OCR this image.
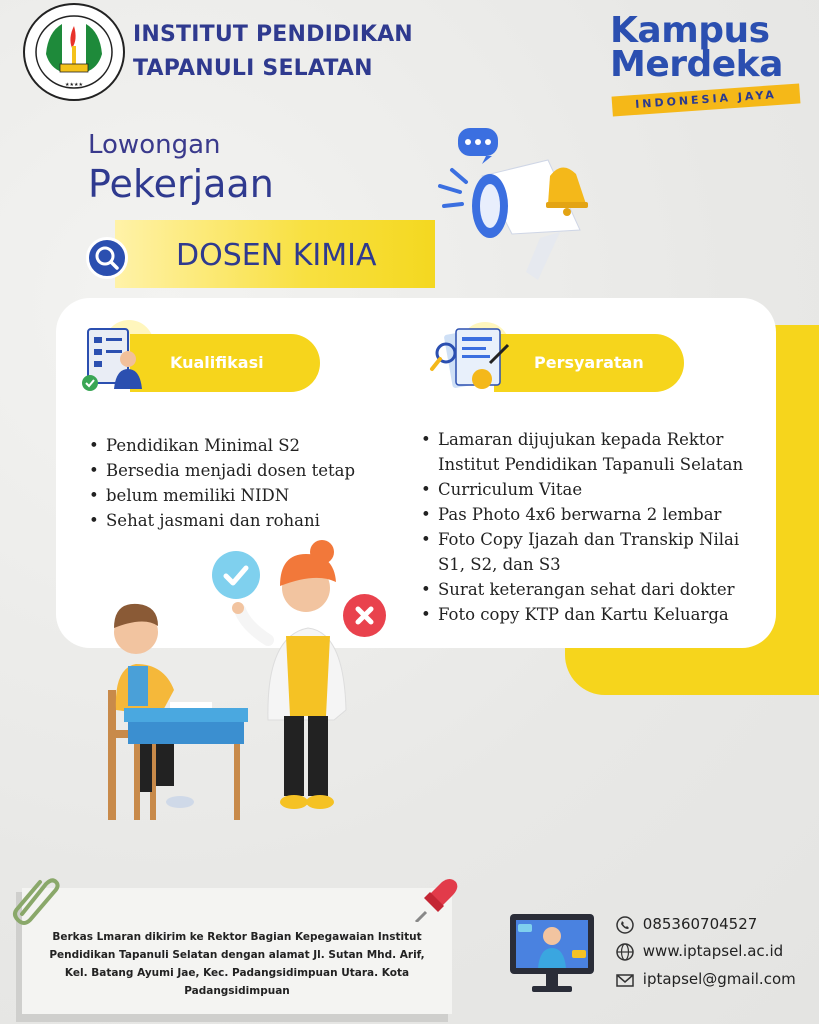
★★★★
INSTITUT PENDIDIKAN
TAPANULI SELATAN
Kampus
Merdeka
INDONESIA JAYA
Lowongan
Pekerjaan
DOSEN KIMIA
Kualifikasi	Persyaratan
• Pendidikan Minimal S2
• Bersedia menjadi dosen tetap
• belum memiliki NIDN
• Sehat jasmani dan rohani
• Lamaran dijujukan kepada Rektor Institut Pendidikan Tapanuli Selatan
• Curriculum Vitae
• Pas Photo 4x6 berwarna 2 lembar
• Foto Copy Ijazah dan Transkip Nilai S1, S2, dan S3
• Surat keterangan sehat dari dokter
• Foto copy KTP dan Kartu Keluarga
Berkas Lmaran dikirim ke Rektor Bagian Kepegawaian Institut Pendidikan Tapanuli Selatan dengan alamat Jl. Sutan Mhd. Arif, Kel. Batang Ayumi Jae, Kec. Padangsidimpuan Utara. Kota Padangsidimpuan
085360704527
www.iptapsel.ac.id
iptapsel@gmail.com
